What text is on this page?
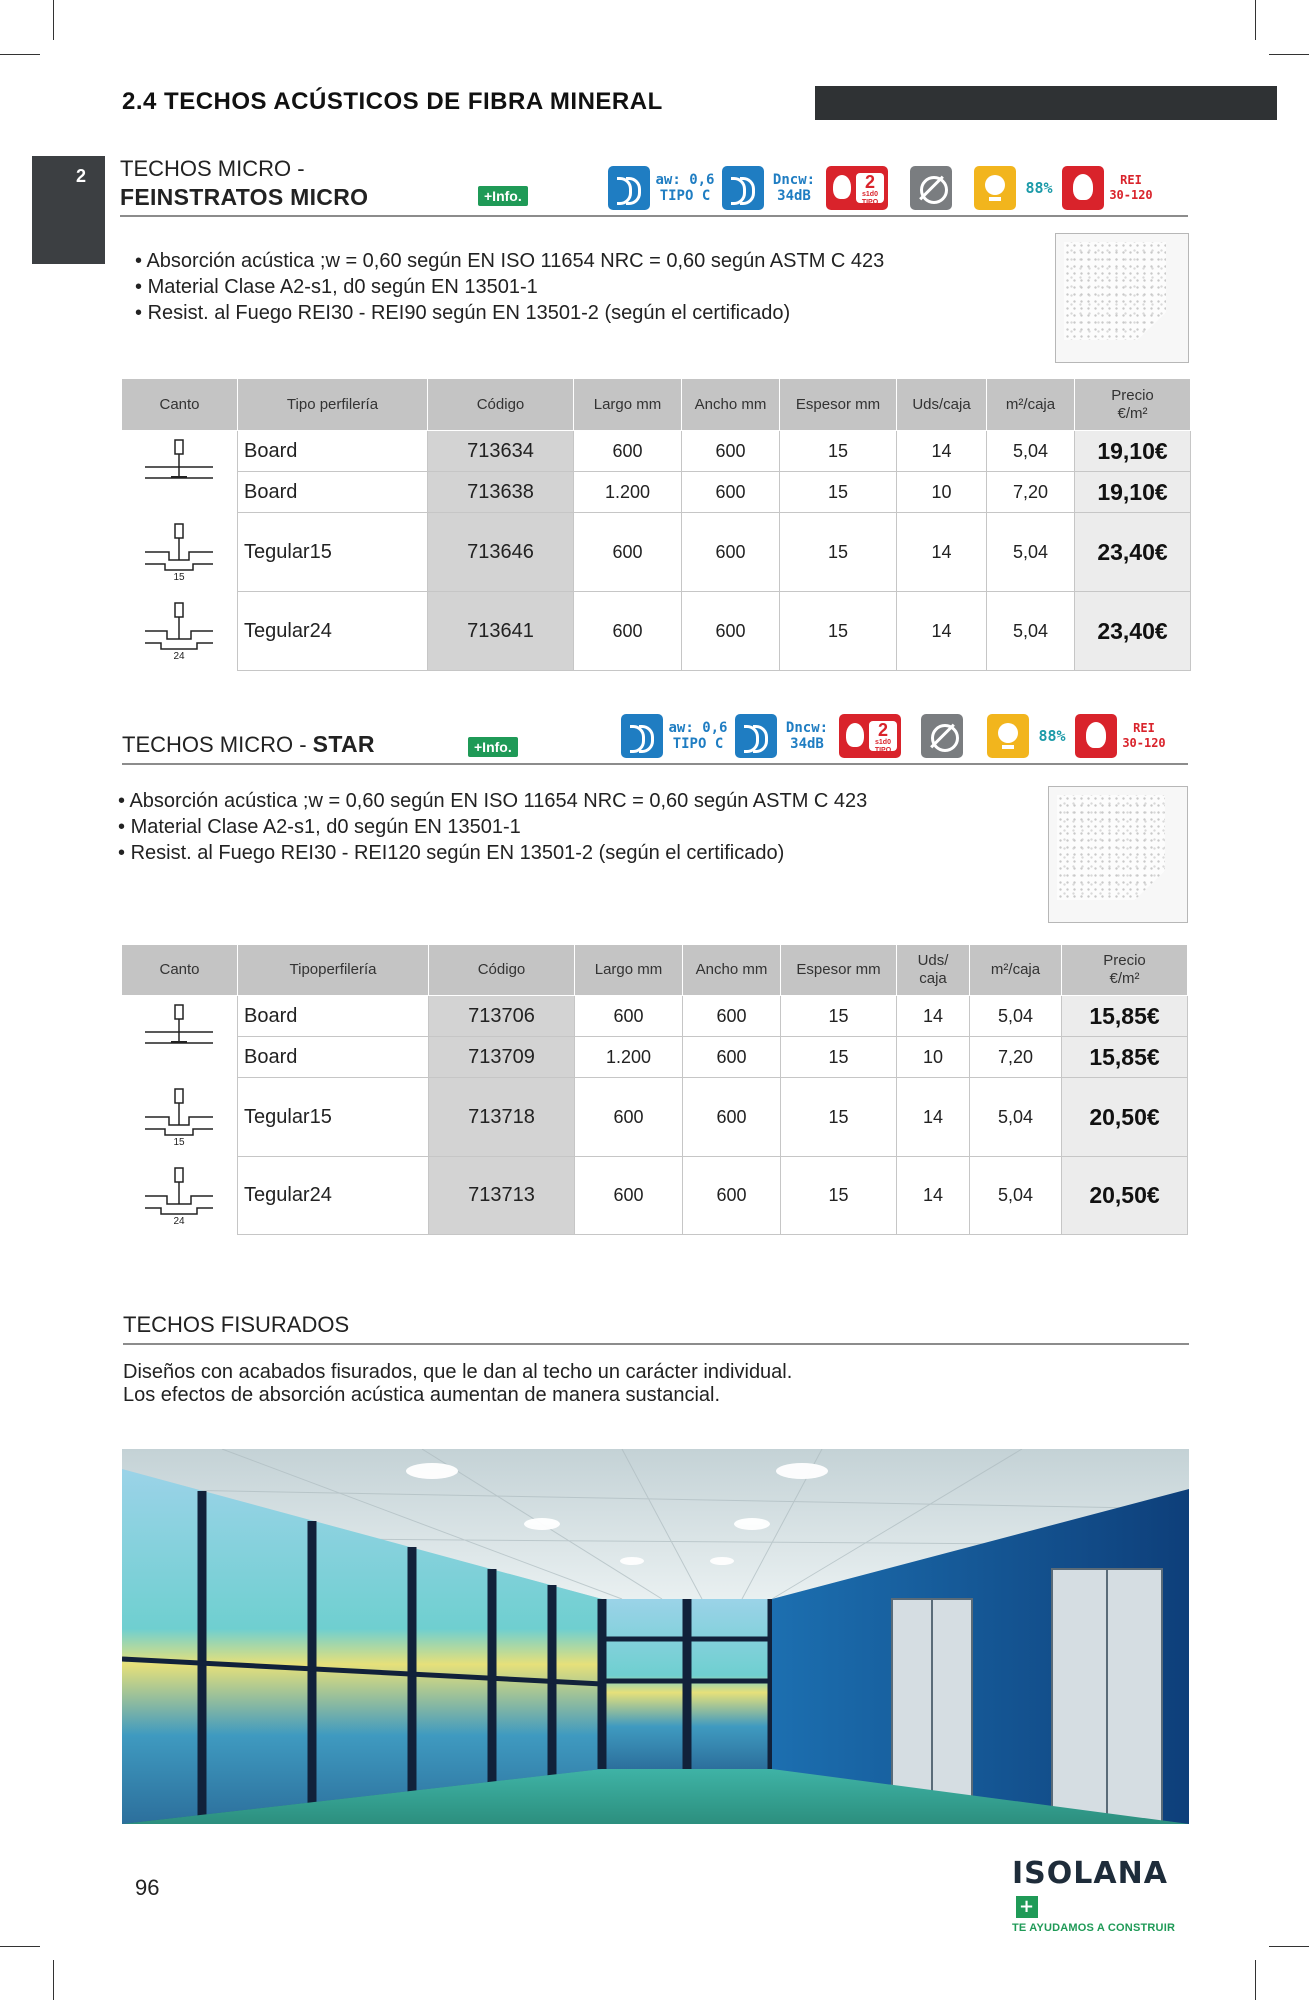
2.4 TECHOS ACÚSTICOS DE FIBRA MINERAL
2 TECHOS MICRO -
FEINSTRATOS MICRO	+Info.
aw: 0,6
TIPO C
Dncw:
34dB
2
s1d0
TIPO
88%	REI
30-120
• Absorción acústica ;w = 0,60 según EN ISO 11654 NRC = 0,60 según ASTM C 423
• Material Clase A2-s1, d0 según EN 13501-1
• Resist. al Fuego REI30 - REI90 según EN 13501-2 (según el certificado)
Canto	Tipo perfilería	Código	Largo mm	Ancho mm	Espesor mm	Uds/caja	m²/caja	Precio
€/m²

	Board	713634	600	600	15	14	5,04	19,10€
	Board	713638	1.200	600	15	10	7,20	19,10€

15	Tegular15	713646	600	600	15	14	5,04	23,40€

24	Tegular24	713641	600	600	15	14	5,04	23,40€
TECHOS MICRO - STAR	+Info.
aw: 0,6
TIPO C
Dncw:
34dB
2
s1d0
TIPO
88%	REI
30-120
• Absorción acústica ;w = 0,60 según EN ISO 11654 NRC = 0,60 según ASTM C 423
• Material Clase A2-s1, d0 según EN 13501-1
• Resist. al Fuego REI30 - REI120 según EN 13501-2 (según el certificado)
Canto	Tipoperfilería	Código	Largo mm	Ancho mm	Espesor mm	Uds/
caja	m²/caja	Precio
€/m²

	Board	713706	600	600	15	14	5,04	15,85€
	Board	713709	1.200	600	15	10	7,20	15,85€

15	Tegular15	713718	600	600	15	14	5,04	20,50€

24	Tegular24	713713	600	600	15	14	5,04	20,50€
TECHOS FISURADOS
Diseños con acabados fisurados, que le dan al techo un carácter individual.
Los efectos de absorción acústica aumentan de manera sustancial.
96	ISOLANA+
TE AYUDAMOS A CONSTRUIR
